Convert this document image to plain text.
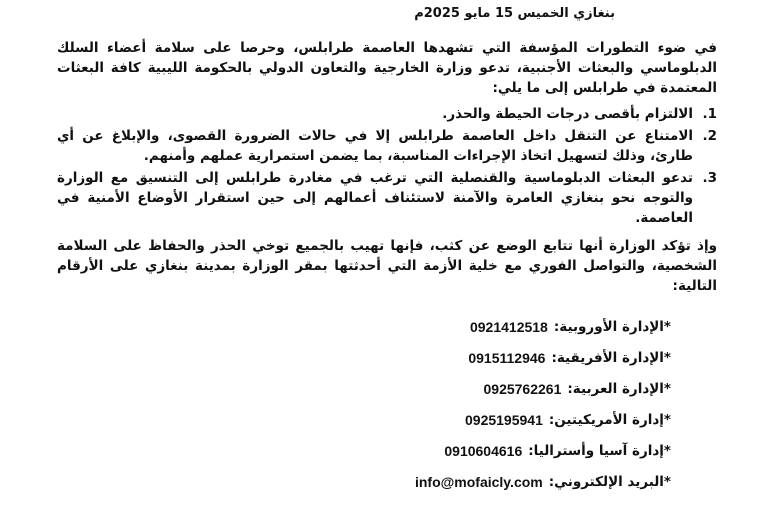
بنغازي الخميس 15 مايو 2025م
في ضوء التطورات المؤسفة التي تشهدها العاصمة طرابلس، وحرصا على سلامة أعضاء السلك الدبلوماسي والبعثات الأجنبية، تدعو وزارة الخارجية والتعاون الدولي بالحكومة الليبية كافة البعثات المعتمدة في طرابلس إلى ما يلي:
1.
الالتزام بأقصى درجات الحيطة والحذر.
2.
الامتناع عن التنقل داخل العاصمة طرابلس إلا في حالات الضرورة القصوى، والإبلاغ عن أي طارئ، وذلك لتسهيل اتخاذ الإجراءات المناسبة، بما يضمن استمرارية عملهم وأمنهم.
3.
تدعو البعثات الدبلوماسية والقنصلية التي ترغب في مغادرة طرابلس إلى التنسيق مع الوزارة والتوجه نحو بنغازي العامرة والآمنة لاستئناف أعمالهم إلى حين استقرار الأوضاع الأمنية في العاصمة.
وإذ تؤكد الوزارة أنها تتابع الوضع عن كثب، فإنها تهيب بالجميع توخي الحذر والحفاظ على السلامة الشخصية، والتواصل الفوري مع خلية الأزمة التي أحدثتها بمقر الوزارة بمدينة بنغازي على الأرقام التالية:
*الإدارة الأوروبية:
0921412518
*الإدارة الأفريقية:
0915112946
*الإدارة العربية:
0925762261
*إدارة الأمريكيتين:
0925195941
*إدارة آسيا وأستراليا:
0910604616
*البريد الإلكتروني:
info@mofaicly.com
